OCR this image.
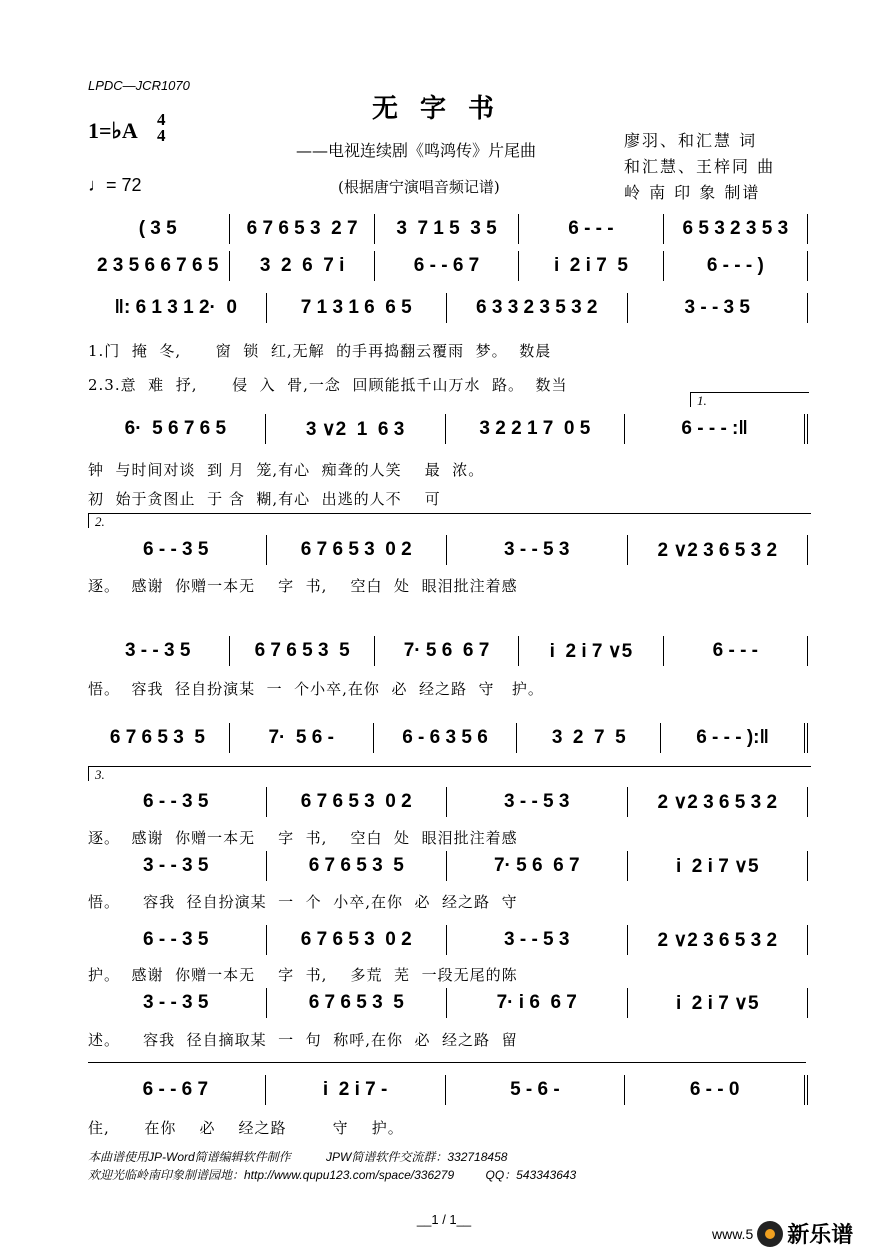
LPDC—JCR1070
无字书
1=♭A 4
4
♩= 72
——电视连续剧《鸣鸿传》片尾曲
(根据唐宁演唱音频记谱)
廖羽、和汇慧 词
和汇慧、王梓同 曲
岭 南 印 象 制谱
( 3 5	6 7 6 5 3  2 7	3  7 1 5  3 5	6 - - -	6 5 3 2 3 5 3
2 3 5 6 6 7 6 5	3  2  6  7 i	6 - - 6 7	i  2 i 7  5	6 - - - )
‖: 6 1 3 1 2·  0	7 1 3 1 6  6 5	6 3 3 2 3 5 3 2	3 - - 3 5
1.门  掩  冬,      窗  锁  红,无解  的手再捣翻云覆雨  梦。  数晨
2.3.意  难  抒,      侵  入  骨,一念  回顾能抵千山万水  路。  数当
6·  5 6 7 6 5	3 ∨2  1  6 3	3 2 2 1 7  0 5	6 - - - :‖
钟  与时间对谈  到 月  笼,有心  痴聋的人笑    最  浓。
初  始于贪图止  于 含  糊,有心  出逃的人不    可
6 - - 3 5	6 7 6 5 3  0 2	3 - - 5 3	2 ∨2 3 6 5 3 2
逐。  感谢  你赠一本无    字  书,    空白  处  眼泪批注着感
3 - - 3 5	6 7 6 5 3  5	7· 5 6  6 7	i  2 i 7 ∨5	6 - - -
悟。  容我  径自扮演某  一  个小卒,在你  必  经之路  守   护。
6 7 6 5 3  5	7·  5 6 -	6 - 6 3 5 6	3  2  7  5	6 - - - ):‖
6 - - 3 5	6 7 6 5 3  0 2	3 - - 5 3	2 ∨2 3 6 5 3 2
逐。  感谢  你赠一本无    字  书,    空白  处  眼泪批注着感
3 - - 3 5	6 7 6 5 3  5	7· 5 6  6 7	i  2 i 7 ∨5
悟。    容我  径自扮演某  一  个  小卒,在你  必  经之路  守
6 - - 3 5	6 7 6 5 3  0 2	3 - - 5 3	2 ∨2 3 6 5 3 2
护。  感谢  你赠一本无    字  书,    多荒  芜  一段无尾的陈
3 - - 3 5	6 7 6 5 3  5	7· i 6  6 7	i  2 i 7 ∨5
述。    容我  径自摘取某  一  句  称呼,在你  必  经之路  留
6 - - 6 7	i  2 i 7 -	5 - 6 -	6 - - 0
住,      在你    必    经之路        守    护。
1.
2.
3.
本曲谱使用JP-Word简谱编辑软件制作	JPW简谱软件交流群：332718458
欢迎光临岭南印象制谱园地：http://www.qupu123.com/space/336279	QQ：543343643
__1 / 1__
www.5 新乐谱
